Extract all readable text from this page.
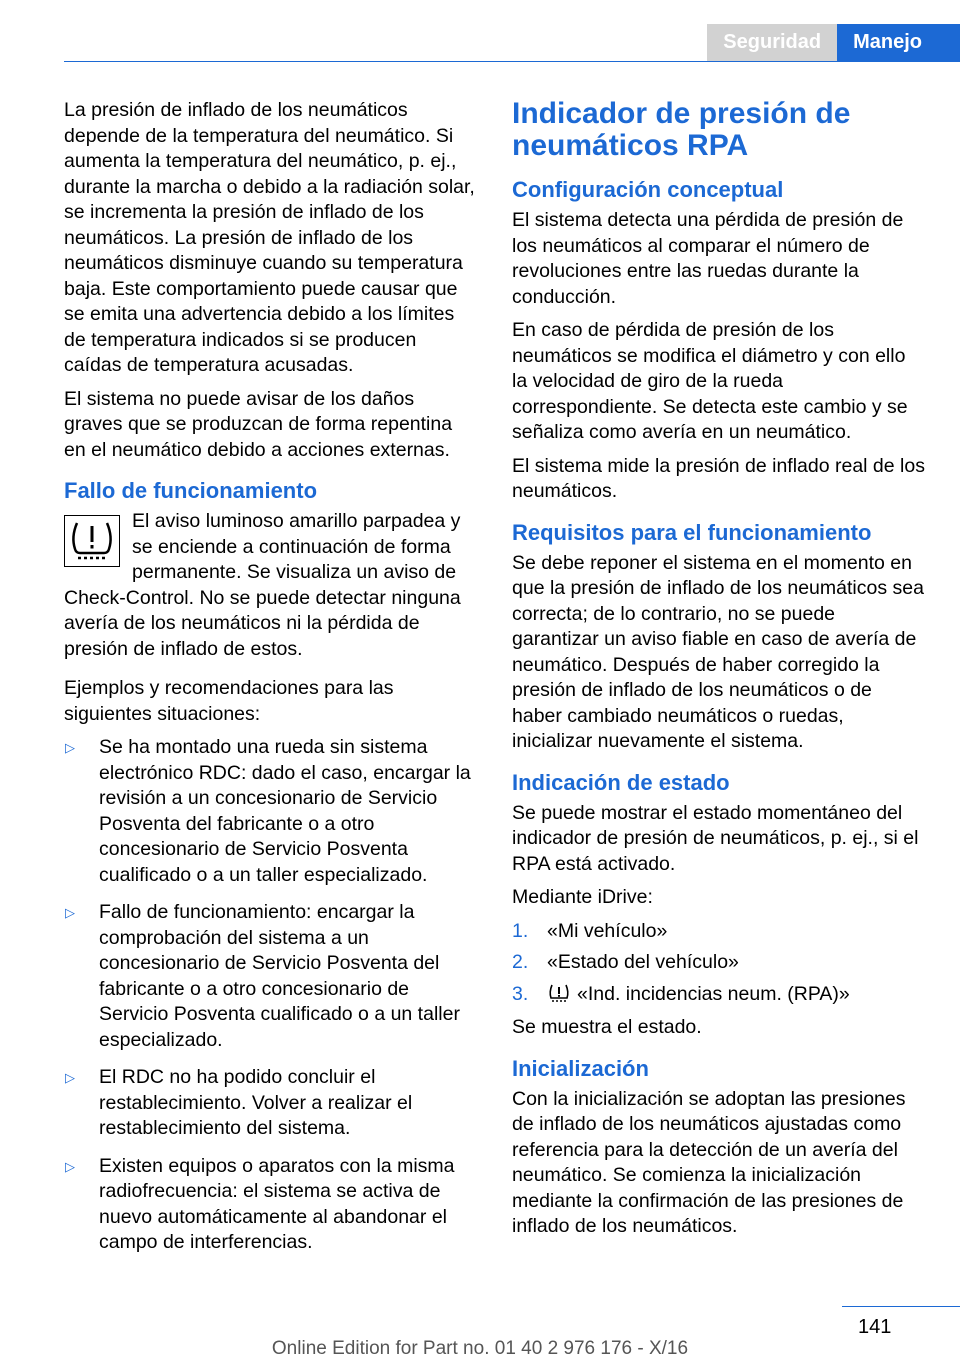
Seguridad	Manejo

La presión de inflado de los neumáticos depende de la temperatura del neumático. Si aumenta la temperatura del neumático, p. ej., durante la marcha o debido a la radiación solar, se incrementa la presión de inflado de los neumáticos. La presión de inflado de los neumáticos disminuye cuando su temperatura baja. Este comportamiento puede causar que se emita una advertencia debido a los límites de temperatura indicados si se producen caídas de temperatura acusadas.

El sistema no puede avisar de los daños graves que se produzcan de forma repentina en el neumático debido a acciones externas.

Fallo de funcionamiento

El aviso luminoso amarillo parpadea y se enciende a continuación de forma permanente. Se visualiza un aviso de

Check-Control. No se puede detectar ninguna avería de los neumáticos ni la pérdida de presión de inflado de estos.

Ejemplos y recomendaciones para las siguientes situaciones:

▷ Se ha montado una rueda sin sistema electrónico RDC: dado el caso, encargar la revisión a un concesionario de Servicio Posventa del fabricante o a otro concesionario de Servicio Posventa cualificado o a un taller especializado.
▷ Fallo de funcionamiento: encargar la comprobación del sistema a un concesionario de Servicio Posventa del fabricante o a otro concesionario de Servicio Posventa cualificado o a un taller especializado.
▷ El RDC no ha podido concluir el restablecimiento. Volver a realizar el restablecimiento del sistema.
▷ Existen equipos o aparatos con la misma radiofrecuencia: el sistema se activa de nuevo automáticamente al abandonar el campo de interferencias.
Indicador de presión de neumáticos RPA
Configuración conceptual

El sistema detecta una pérdida de presión de los neumáticos al comparar el número de revoluciones entre las ruedas durante la conducción.

En caso de pérdida de presión de los neumáticos se modifica el diámetro y con ello la velocidad de giro de la rueda correspondiente. Se detecta este cambio y se señaliza como avería en un neumático.

El sistema mide la presión de inflado real de los neumáticos.

Requisitos para el funcionamiento

Se debe reponer el sistema en el momento en que la presión de inflado de los neumáticos sea correcta; de lo contrario, no se puede garantizar un aviso fiable en caso de avería de neumático. Después de haber corregido la presión de inflado de los neumáticos o de haber cambiado neumáticos o ruedas, inicializar nuevamente el sistema.

Indicación de estado

Se puede mostrar el estado momentáneo del indicador de presión de neumáticos, p. ej., si el RPA está activado.

Mediante iDrive:

1. «Mi vehículo»
2. «Estado del vehículo»
3. «Ind. incidencias neum. (RPA)»

Se muestra el estado.

Inicialización

Con la inicialización se adoptan las presiones de inflado de los neumáticos ajustadas como referencia para la detección de un avería del neumático. Se comienza la inicialización mediante la confirmación de las presiones de inflado de los neumáticos.

141
Online Edition for Part no. 01 40 2 976 176 - X/16
